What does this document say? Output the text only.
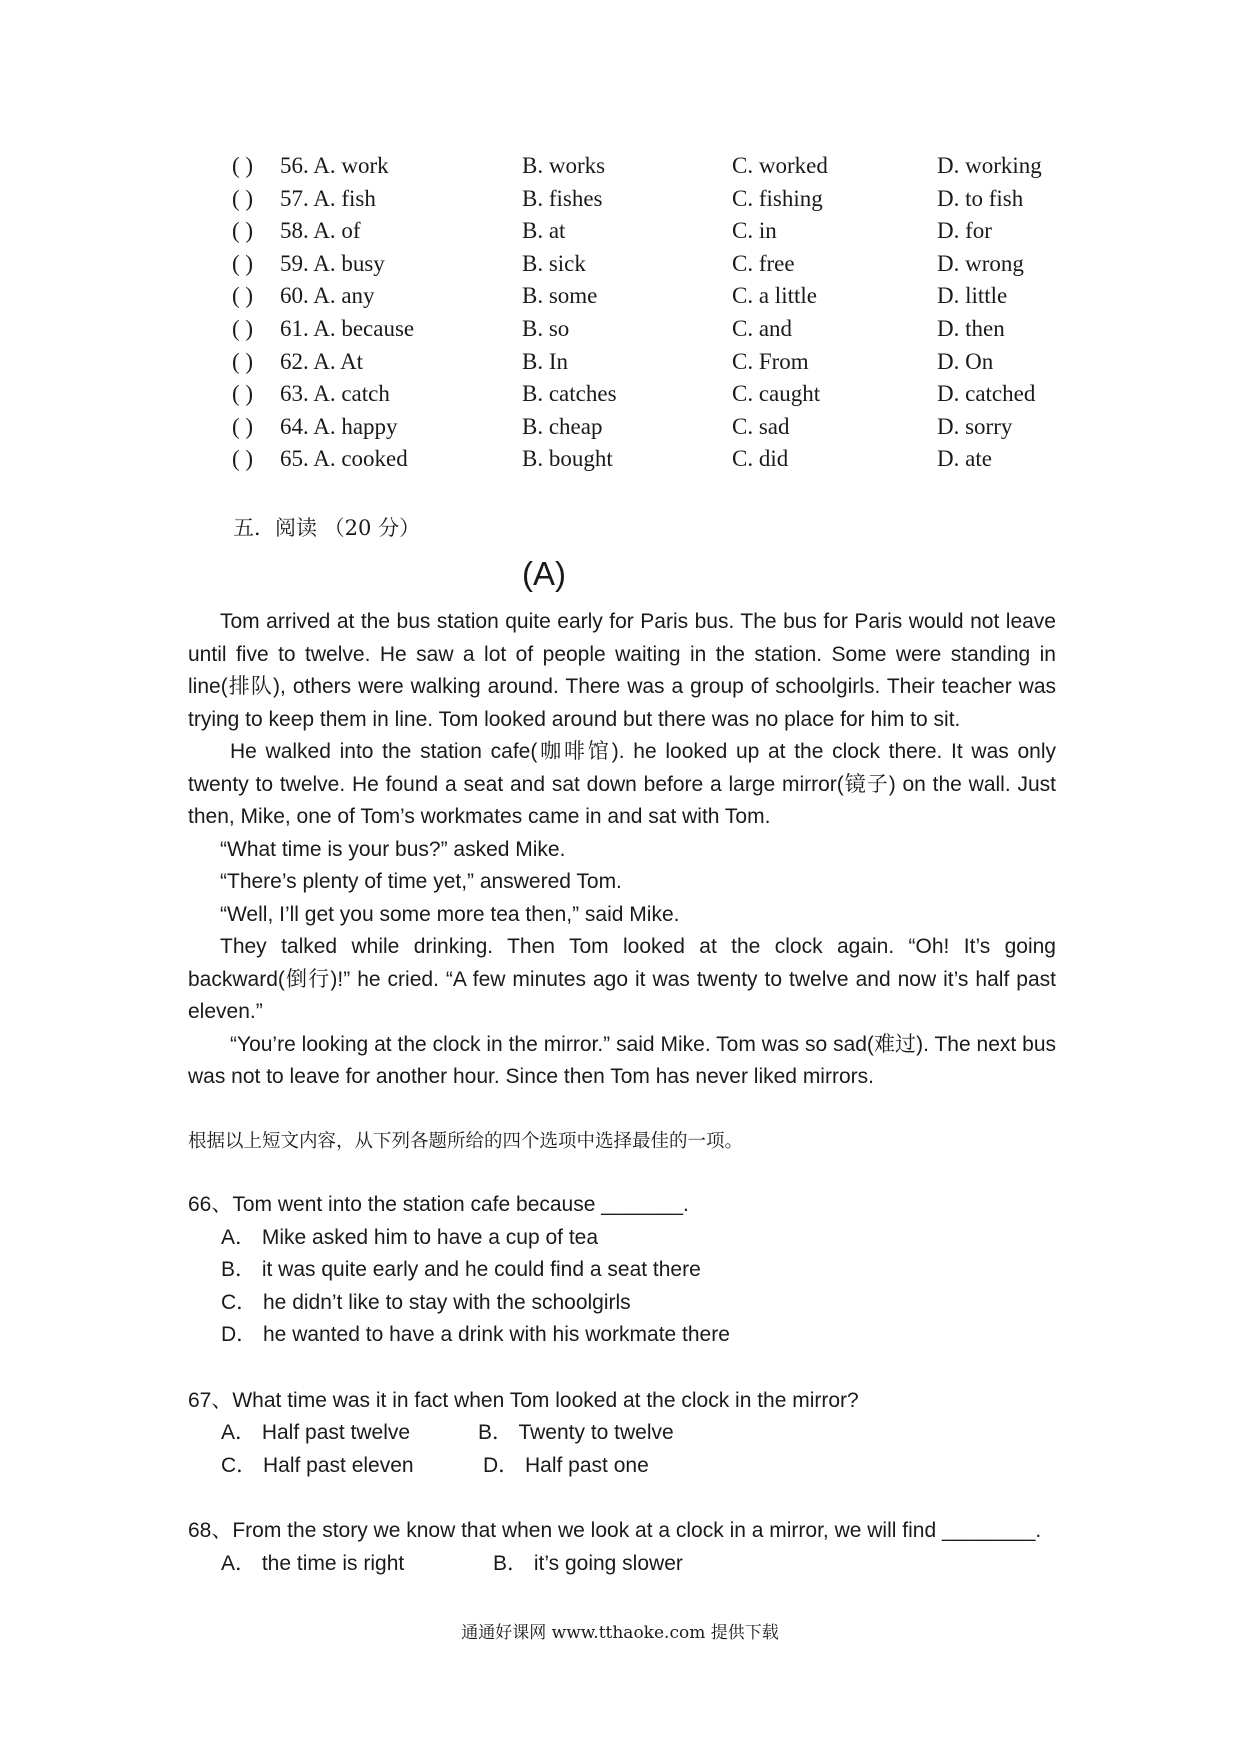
( ) 56. A. work	B. works	C. worked	D. working
( ) 57. A. fish	B. fishes	C. fishing	D. to fish
( ) 58. A. of	B. at	C. in	D. for
( ) 59. A. busy	B. sick	C. free	D. wrong
( ) 60. A. any	B. some	C. a little	D. little
( ) 61. A. because	B. so	C. and	D. then
( ) 62. A. At	B. In	C. From	D. On
( ) 63. A. catch	B. catches	C. caught	D. catched
( ) 64. A. happy	B. cheap	C. sad	D. sorry
( ) 65. A. cooked	B. bought	C. did	D. ate
五．阅读 （20 分）
(A)

Tom arrived at the bus station quite early for Paris bus. The bus for Paris would not leave until five to twelve. He saw a lot of people waiting in the station. Some were standing in line(排队), others were walking around. There was a group of schoolgirls. Their teacher was trying to keep them in line. Tom looked around but there was no place for him to sit.

He walked into the station cafe(咖啡馆). he looked up at the clock there. It was only twenty to twelve. He found a seat and sat down before a large mirror(镜子) on the wall. Just then, Mike, one of Tom’s workmates came in and sat with Tom.

“What time is your bus?” asked Mike.

“There’s plenty of time yet,” answered Tom.

“Well, I’ll get you some more tea then,” said Mike.

They talked while drinking. Then Tom looked at the clock again. “Oh! It’s going backward(倒行)!” he cried. “A few minutes ago it was twenty to twelve and now it’s half past eleven.”

“You’re looking at the clock in the mirror.” said Mike. Tom was so sad(难过). The next bus was not to leave for another hour. Since then Tom has never liked mirrors.

根据以上短文内容，从下列各题所给的四个选项中选择最佳的一项。
66、Tom went into the station cafe because _______.
A． Mike asked him to have a cup of tea
B． it was quite early and he could find a seat there
C． he didn’t like to stay with the schoolgirls
D． he wanted to have a drink with his workmate there
67、What time was it in fact when Tom looked at the clock in the mirror?
A． Half past twelve	B． Twenty to twelve
C． Half past eleven	D． Half past one
68、From the story we know that when we look at a clock in a mirror, we will find ________.
A． the time is right	B． it’s going slower
通通好课网 www.tthaoke.com 提供下载
